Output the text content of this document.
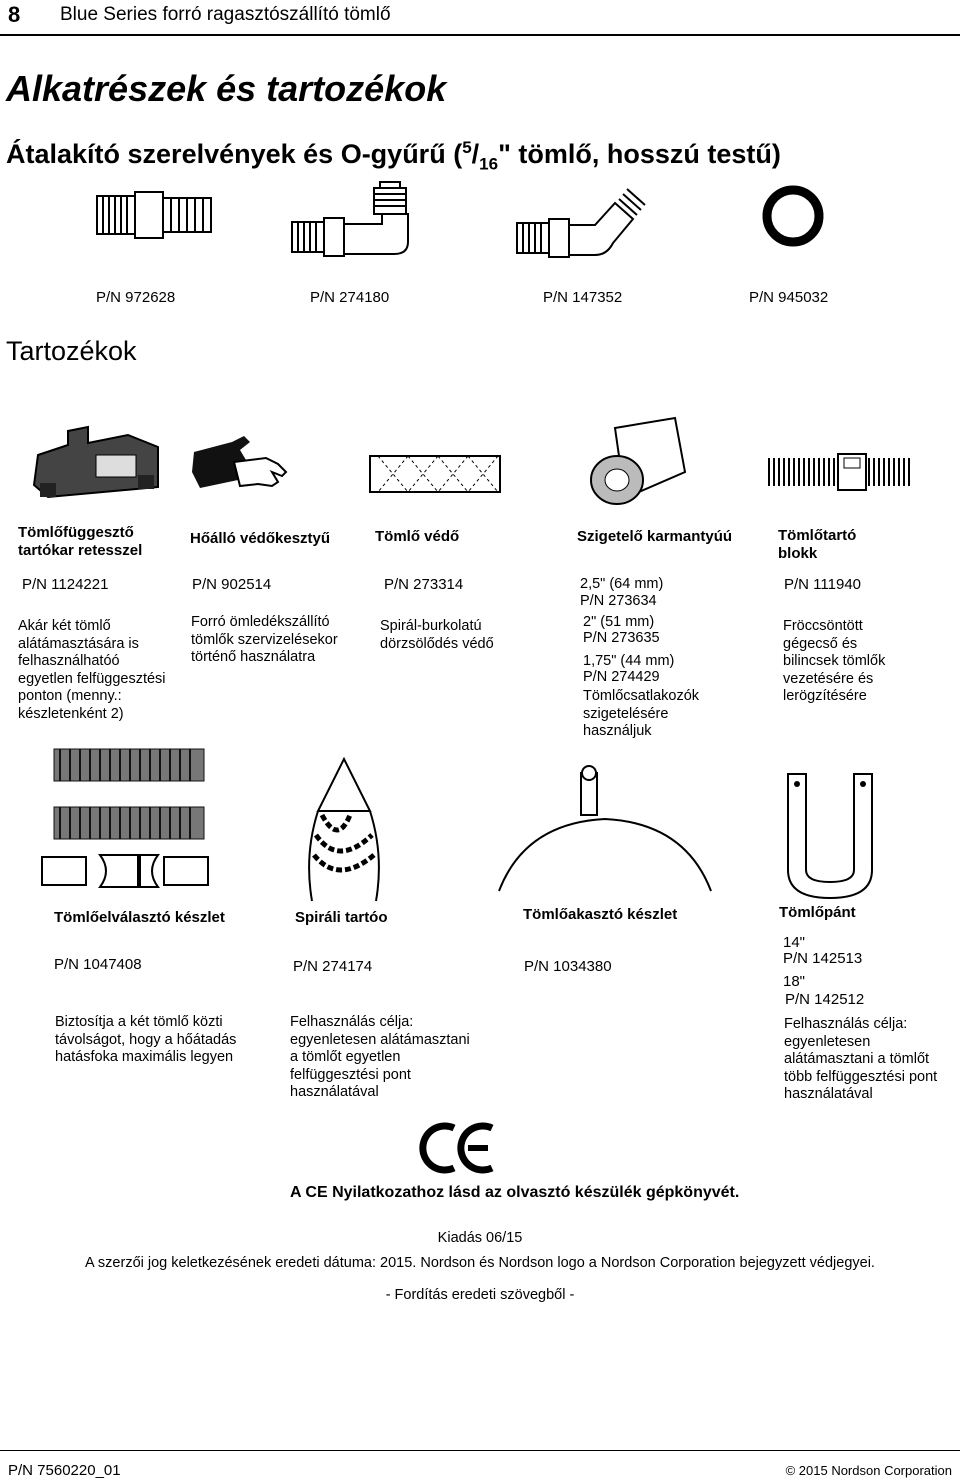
8 Blue Series forró ragasztószállító tömlő
Alkatrészek és tartozékok
Átalakító szerelvények és O-gyűrű ($^5/_{16}$" tömlő, hosszú testű)
P/N 972628	P/N 274180	P/N 147352	P/N 945032
Tartozékok
Tömlőfüggesztő tartókar retesszel
Hőálló védőkesztyű	Tömlő védő	Szigetelő karmantyúú	Tömlőtartó blokk
P/N 1124221	P/N 902514	P/N 273314	2,5" (64 mm)
P/N 273634
2" (51 mm)
P/N 273635
1,75" (44 mm)
P/N 274429
P/N 111940
Akár két tömlő alátámasztására is felhasználhatóó egyetlen felfüggesztési ponton (menny.: készletenként 2)
Forró ömledékszállító tömlők szervizelésekor történő használatra
Spirál-burkolatú dörzsölődés védő
Tömlőcsatlakozók szigetelésére használjuk
Fröccsöntött gégecső és bilincsek tömlők vezetésére és lerögzítésére
Tömlőelválasztó készlet	Spiráli tartóo	Tömlőakasztó készlet	Tömlőpánt
P/N 1047408	P/N 274174	P/N 1034380
14"
P/N 142513
18"
P/N 142512
Biztosítja a két tömlő közti távolságot, hogy a hőátadás hatásfoka maximális legyen
Felhasználás célja: egyenletesen alátámasztani a tömlőt egyetlen felfüggesztési pont használatával
Felhasználás célja: egyenletesen alátámasztani a tömlőt több felfüggesztési pont használatával
A CE Nyilatkozathoz lásd az olvasztó készülék gépkönyvét.
Kiadás 06/15
A szerzői jog keletkezésének eredeti dátuma: 2015. Nordson és Nordson logo a Nordson Corporation bejegyzett védjegyei.
- Fordítás eredeti szövegből -
P/N 7560220_01	© 2015 Nordson Corporation
